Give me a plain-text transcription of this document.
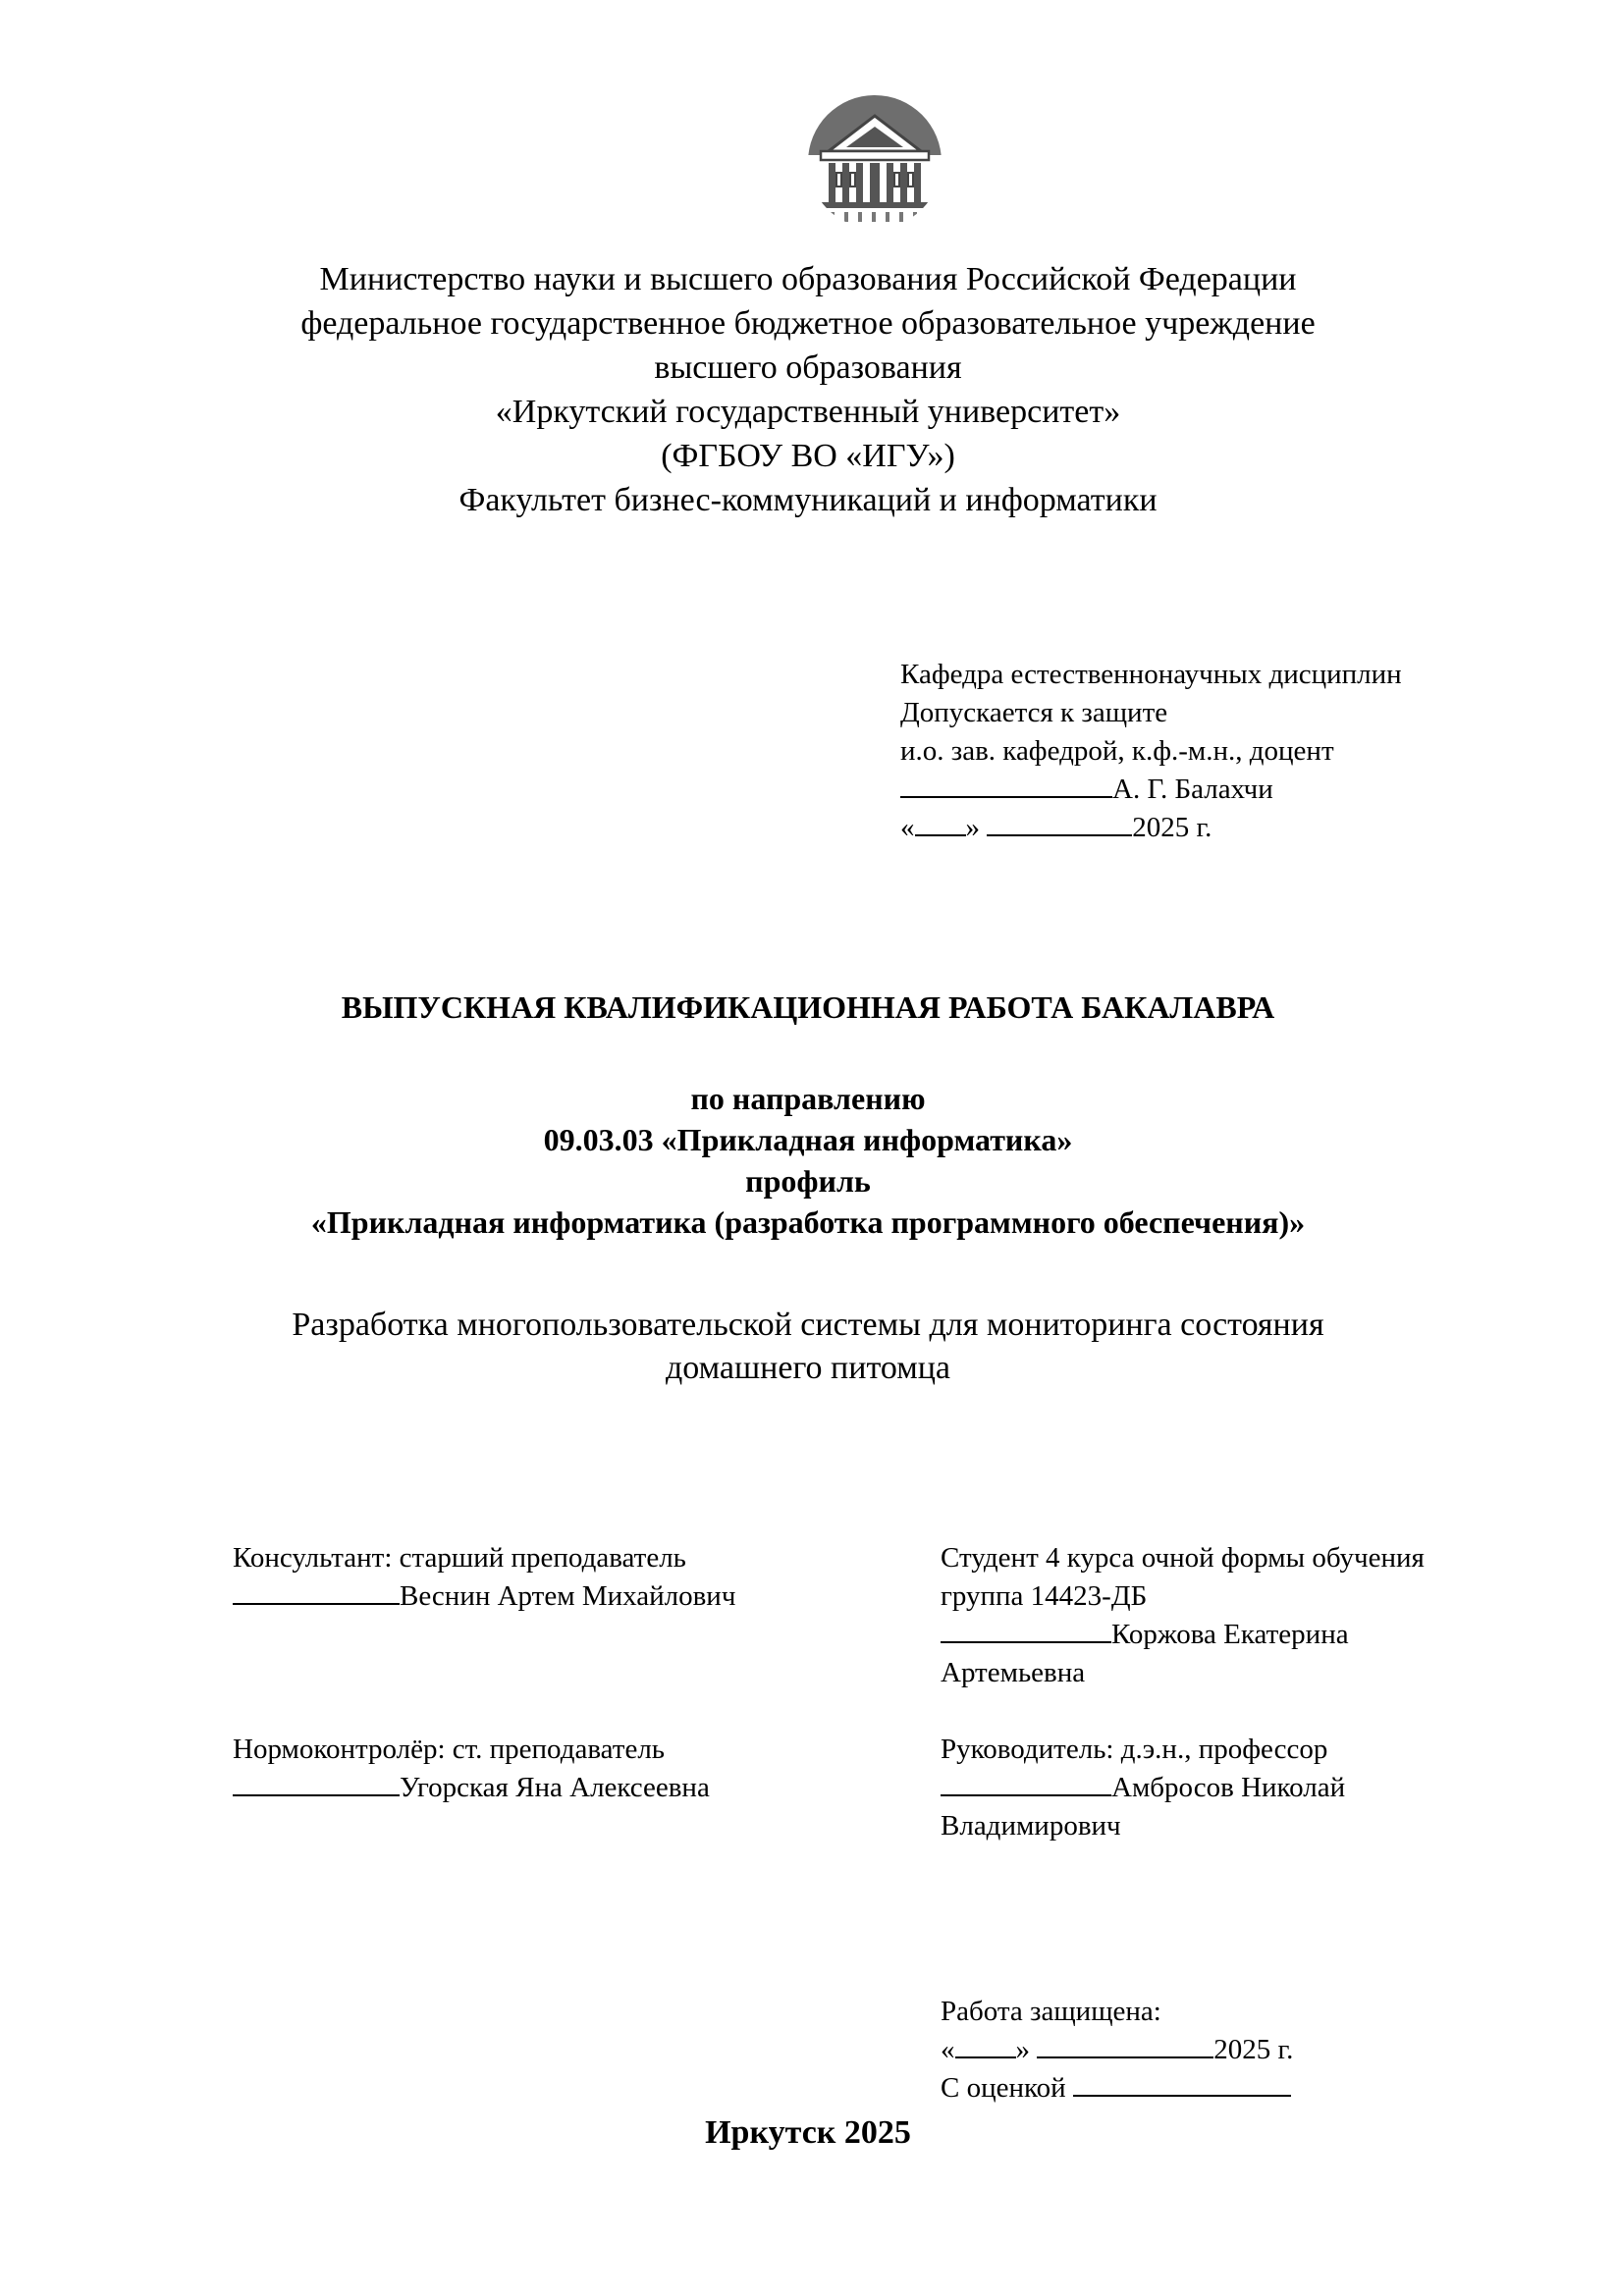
Министерство науки и высшего образования Российской Федерации
федеральное государственное бюджетное образовательное учреждение
высшего образования
«Иркутский государственный университет»
(ФГБОУ ВО «ИГУ»)
Факультет бизнес-коммуникаций и информатики
Кафедра естественнонаучных дисциплин
Допускается к защите
и.о. зав. кафедрой, к.ф.-м.н., доцент
А. Г. Балахчи
« »	2025 г.
ВЫПУСКНАЯ КВАЛИФИКАЦИОННАЯ РАБОТА БАКАЛАВРА
по направлению
09.03.03 «Прикладная информатика»
профиль
«Прикладная информатика (разработка программного обеспечения)»
Разработка многопользовательской системы для мониторинга состояния
домашнего питомца
Консультант: старший преподаватель
Веснин Артем Михайлович
Студент 4 курса очной формы обучения
группа 14423-ДБ
Коржова Екатерина
Артемьевна
Нормоконтролёр: ст. преподаватель
Угорская Яна Алексеевна
Руководитель: д.э.н., профессор
Амбросов Николай
Владимирович
Работа защищена:
« »	2025 г.
С оценкой
Иркутск 2025
